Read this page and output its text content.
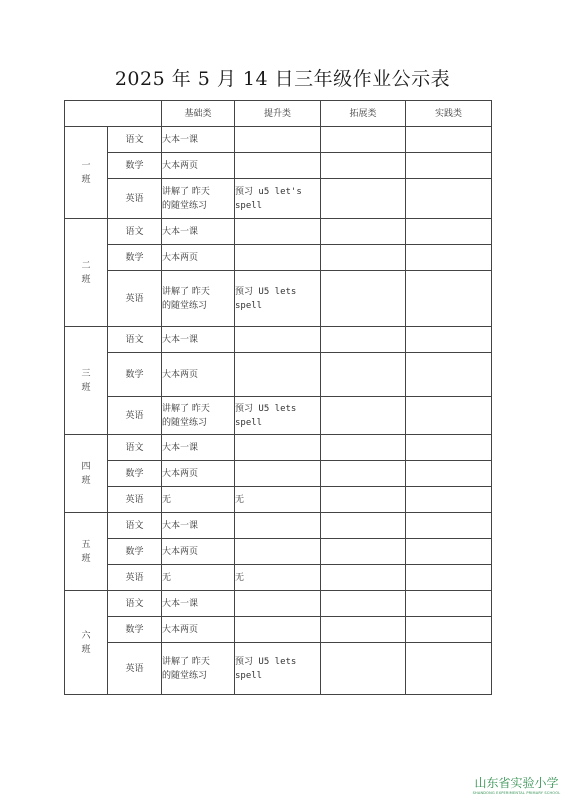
2025 年 5 月 14 日三年级作业公示表
		基础类	提升类	拓展类	实践类

一
班	语文	大本一课			

	数学	大本两页			

	英语	讲解了 昨天
的随堂练习	预习 u5 let's
spell		

二
班	语文	大本一课			

	数学	大本两页			

	英语	讲解了 昨天
的随堂练习	预习 U5 lets
spell		

三
班	语文	大本一课			

	数学	大本两页			

	英语	讲解了 昨天
的随堂练习	预习 U5 lets
spell		

四
班	语文	大本一课			

	数学	大本两页			

	英语	无	无		

五
班	语文	大本一课			

	数学	大本两页			

	英语	无	无		

六
班	语文	大本一课			

	数学	大本两页			

	英语	讲解了 昨天
的随堂练习	预习 U5 lets
spell		

山东省实验小学
SHANDONG EXPERIMENTAL PRIMARY SCHOOL
